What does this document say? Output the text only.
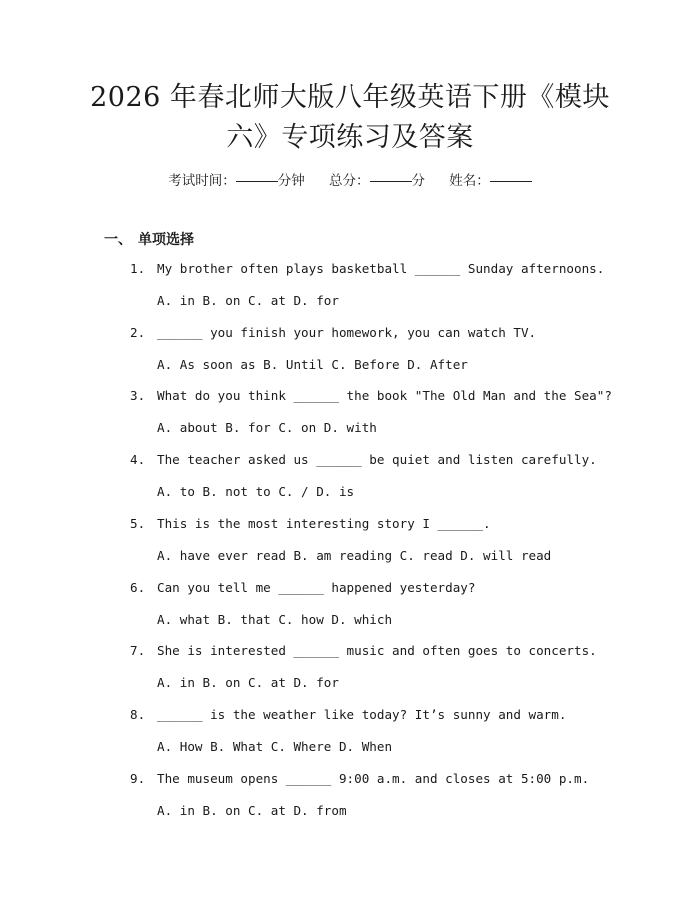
2026 年春北师大版八年级英语下册《模块
六》专项练习及答案
考试时间：	分钟 总分：	分 姓名：
一、 单项选择
1. My brother often plays basketball ______ Sunday afternoons.
A. in B. on C. at D. for
2. ______ you finish your homework, you can watch TV.
A. As soon as B. Until C. Before D. After
3. What do you think ______ the book "The Old Man and the Sea"?
A. about B. for C. on D. with
4. The teacher asked us ______ be quiet and listen carefully.
A. to B. not to C. / D. is
5. This is the most interesting story I ______.
A. have ever read B. am reading C. read D. will read
6. Can you tell me ______ happened yesterday?
A. what B. that C. how D. which
7. She is interested ______ music and often goes to concerts.
A. in B. on C. at D. for
8. ______ is the weather like today? It’s sunny and warm.
A. How B. What C. Where D. When
9. The museum opens ______ 9:00 a.m. and closes at 5:00 p.m.
A. in B. on C. at D. from
